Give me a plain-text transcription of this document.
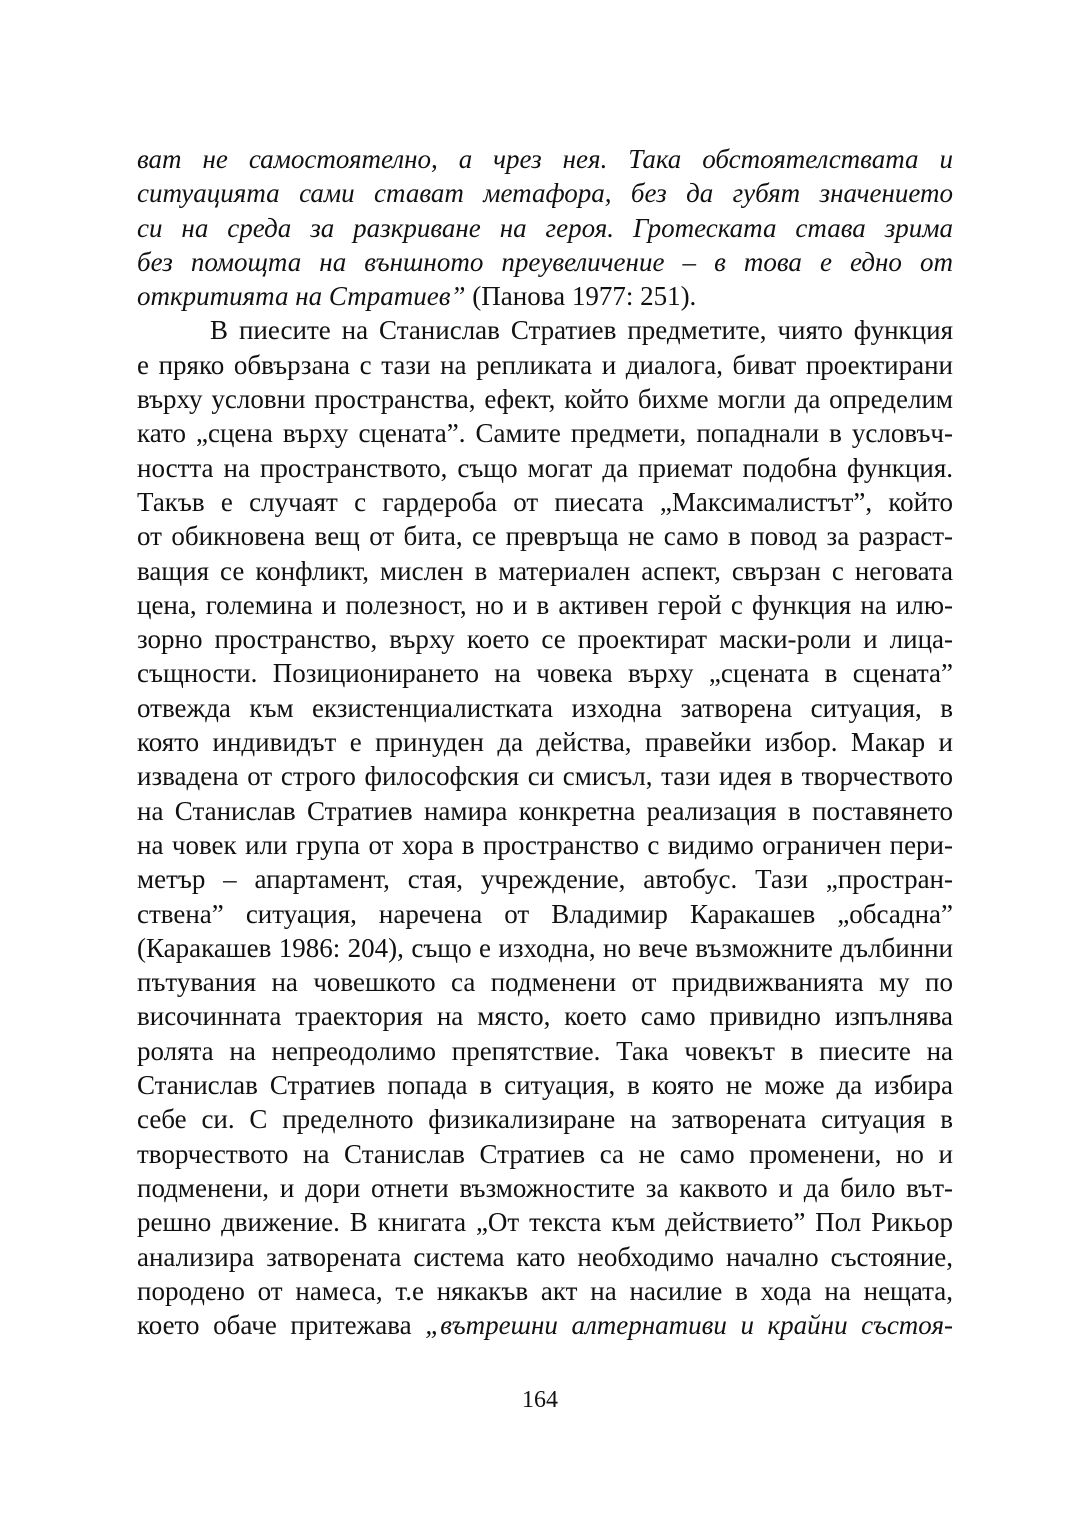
ват не самостоятелно, а чрез нея. Така обстоятелствата и
ситуацията сами стават метафора, без да губят значението
си на среда за разкриване на героя. Гротеската става зрима
без помощта на външното преувеличение – в това е едно от
откритията на Стратиев” (Панова 1977: 251).
В пиесите на Станислав Стратиев предметите, чиято функция
е пряко обвързана с тази на репликата и диалога, биват проектирани
върху условни пространства, ефект, който бихме могли да определим
като „сцена върху сцената”. Самите предмети, попаднали в условъч-
ността на пространството, също могат да приемат подобна функция.
Такъв е случаят с гардероба от пиесата „Максималистът”, който
от обикновена вещ от бита, се превръща не само в повод за разраст-
ващия се конфликт, мислен в материален аспект, свързан с неговата
цена, големина и полезност, но и в активен герой с функция на илю-
зорно пространство, върху което се проектират маски-роли и лица-
същности. Позиционирането на човека върху „сцената в сцената”
отвежда към екзистенциалистката изходна затворена ситуация, в
която индивидът е принуден да действа, правейки избор. Макар и
извадена от строго философския си смисъл, тази идея в творчеството
на Станислав Стратиев намира конкретна реализация в поставянето
на човек или група от хора в пространство с видимо ограничен пери-
метър – апартамент, стая, учреждение, автобус. Тази „простран-
ствена” ситуация, наречена от Владимир Каракашев „обсадна”
(Каракашев 1986: 204), също е изходна, но вече възможните дълбинни
пътувания на човешкото са подменени от придвижванията му по
височинната траектория на място, което само привидно изпълнява
ролята на непреодолимо препятствие. Така човекът в пиесите на
Станислав Стратиев попада в ситуация, в която не може да избира
себе си. С пределното физикализиране на затворената ситуация в
творчеството на Станислав Стратиев са не само променени, но и
подменени, и дори отнети възможностите за каквото и да било вът-
решно движение. В книгата „От текста към действието” Пол Рикьор
анализира затворената система като необходимо начално състояние,
породено от намеса, т.е някакъв акт на насилие в хода на нещата,
което обаче притежава „вътрешни алтернативи и крайни състоя-
164
